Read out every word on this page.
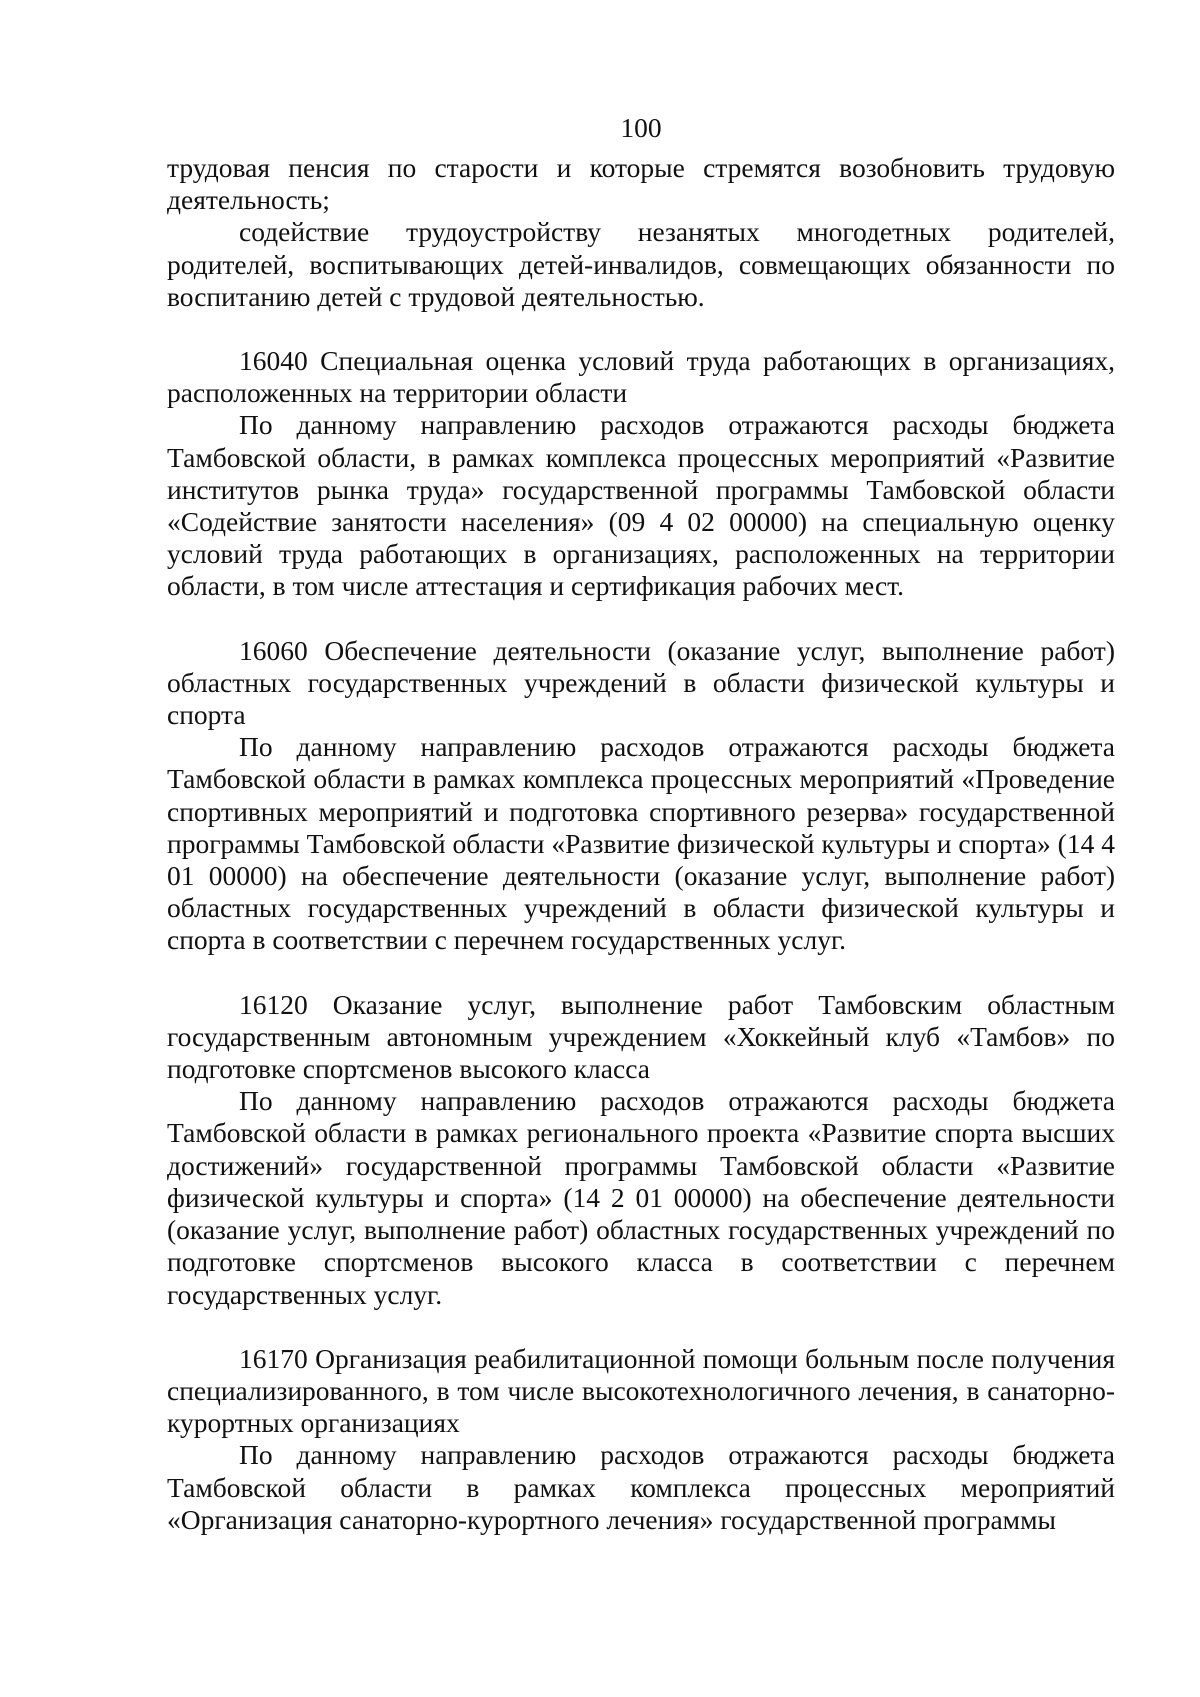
100

трудовая пенсия по старости и которые стремятся возобновить трудовую деятельность;

содействие трудоустройству незанятых многодетных родителей, родителей, воспитывающих детей-инвалидов, совмещающих обязанности по воспитанию детей с трудовой деятельностью.

16040 Специальная оценка условий труда работающих в организациях, расположенных на территории области

По данному направлению расходов отражаются расходы бюджета Тамбовской области, в рамках комплекса процессных мероприятий «Развитие институтов рынка труда» государственной программы Тамбовской области «Содействие занятости населения» (09 4 02 00000) на специальную оценку условий труда работающих в организациях, расположенных на территории области, в том числе аттестация и сертификация рабочих мест.

16060 Обеспечение деятельности (оказание услуг, выполнение работ) областных государственных учреждений в области физической культуры и спорта

По данному направлению расходов отражаются расходы бюджета Тамбовской области в рамках комплекса процессных мероприятий «Проведение спортивных мероприятий и подготовка спортивного резерва» государственной программы Тамбовской области «Развитие физической культуры и спорта» (14 4 01 00000) на обеспечение деятельности (оказание услуг, выполнение работ) областных государственных учреждений в области физической культуры и спорта в соответствии с перечнем государственных услуг.

16120 Оказание услуг, выполнение работ Тамбовским областным государственным автономным учреждением «Хоккейный клуб «Тамбов» по подготовке спортсменов высокого класса

По данному направлению расходов отражаются расходы бюджета Тамбовской области в рамках регионального проекта «Развитие спорта высших достижений» государственной программы Тамбовской области «Развитие физической культуры и спорта» (14 2 01 00000) на обеспечение деятельности (оказание услуг, выполнение работ) областных государственных учреждений по подготовке спортсменов высокого класса в соответствии с перечнем государственных услуг.

16170 Организация реабилитационной помощи больным после получения специализированного, в том числе высокотехнологичного лечения, в санаторно-курортных организациях

По данному направлению расходов отражаются расходы бюджета Тамбовской области в рамках комплекса процессных мероприятий «Организация санаторно-курортного лечения» государственной программы
